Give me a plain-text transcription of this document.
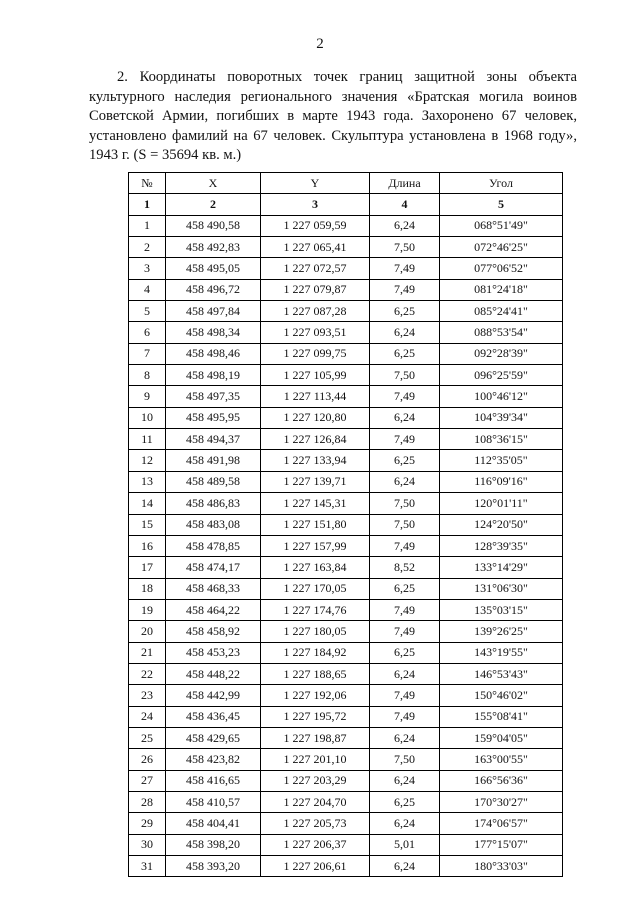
2

2. Координаты поворотных точек границ защитной зоны объекта культурного наследия регионального значения «Братская могила воинов Советской Армии, погибших в марте 1943 года. Захоронено 67 человек, установлено фамилий на 67 человек. Скульптура установлена в 1968 году», 1943 г. (S = 35694 кв. м.)

№	X	Y	Длина	Угол
1	2	3	4	5
1	458 490,58	1 227 059,59	6,24	068°51'49"
2	458 492,83	1 227 065,41	7,50	072°46'25"
3	458 495,05	1 227 072,57	7,49	077°06'52"
4	458 496,72	1 227 079,87	7,49	081°24'18"
5	458 497,84	1 227 087,28	6,25	085°24'41"
6	458 498,34	1 227 093,51	6,24	088°53'54"
7	458 498,46	1 227 099,75	6,25	092°28'39"
8	458 498,19	1 227 105,99	7,50	096°25'59"
9	458 497,35	1 227 113,44	7,49	100°46'12"
10	458 495,95	1 227 120,80	6,24	104°39'34"
11	458 494,37	1 227 126,84	7,49	108°36'15"
12	458 491,98	1 227 133,94	6,25	112°35'05"
13	458 489,58	1 227 139,71	6,24	116°09'16"
14	458 486,83	1 227 145,31	7,50	120°01'11"
15	458 483,08	1 227 151,80	7,50	124°20'50"
16	458 478,85	1 227 157,99	7,49	128°39'35"
17	458 474,17	1 227 163,84	8,52	133°14'29"
18	458 468,33	1 227 170,05	6,25	131°06'30"
19	458 464,22	1 227 174,76	7,49	135°03'15"
20	458 458,92	1 227 180,05	7,49	139°26'25"
21	458 453,23	1 227 184,92	6,25	143°19'55"
22	458 448,22	1 227 188,65	6,24	146°53'43"
23	458 442,99	1 227 192,06	7,49	150°46'02"
24	458 436,45	1 227 195,72	7,49	155°08'41"
25	458 429,65	1 227 198,87	6,24	159°04'05"
26	458 423,82	1 227 201,10	7,50	163°00'55"
27	458 416,65	1 227 203,29	6,24	166°56'36"
28	458 410,57	1 227 204,70	6,25	170°30'27"
29	458 404,41	1 227 205,73	6,24	174°06'57"
30	458 398,20	1 227 206,37	5,01	177°15'07"
31	458 393,20	1 227 206,61	6,24	180°33'03"
